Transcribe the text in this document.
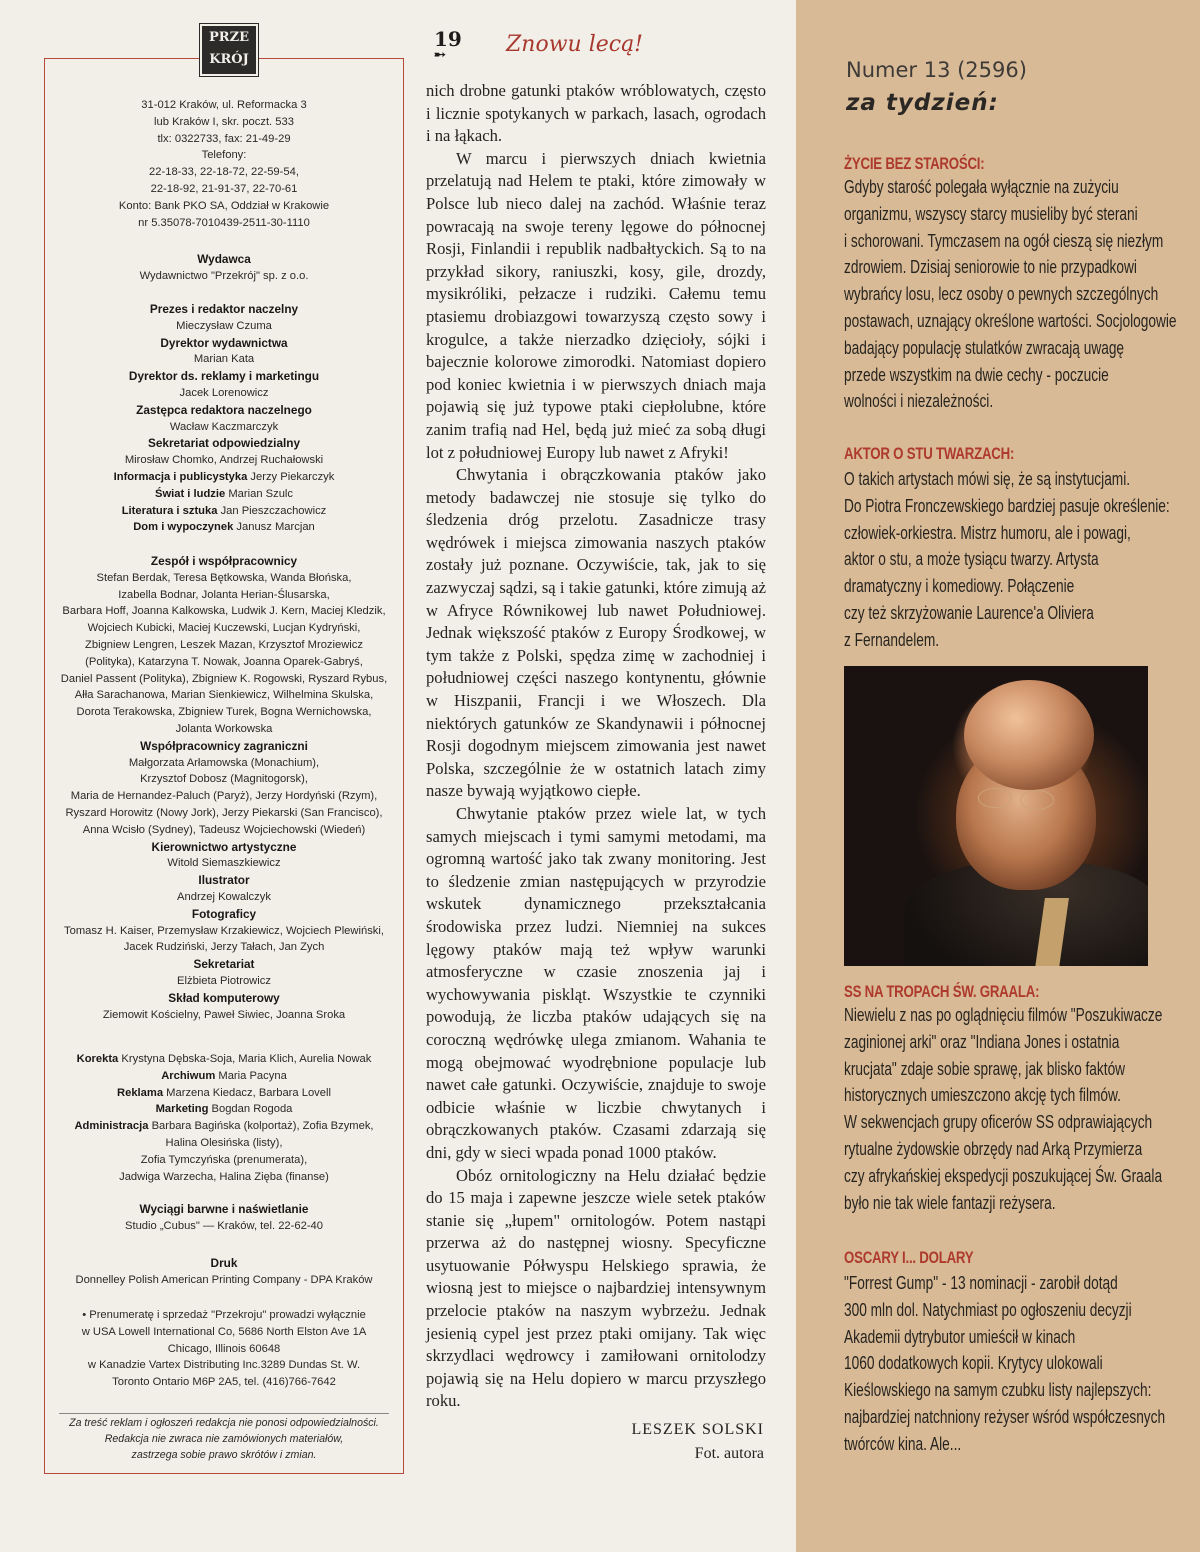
PRZE

KRÓJ
31-012 Kraków, ul. Reformacka 3
lub Kraków I, skr. poczt. 533
tlx: 0322733, fax: 21-49-29
Telefony:
22-18-33, 22-18-72, 22-59-54,
22-18-92, 21-91-37, 22-70-61
Konto: Bank PKO SA, Oddział w Krakowie
nr 5.35078-7010439-2511-30-1110
Wydawca
Wydawnictwo "Przekrój" sp. z o.o.
Prezes i redaktor naczelny
Mieczysław Czuma
Dyrektor wydawnictwa
Marian Kata
Dyrektor ds. reklamy i marketingu
Jacek Lorenowicz
Zastępca redaktora naczelnego
Wacław Kaczmarczyk
Sekretariat odpowiedzialny
Mirosław Chomko, Andrzej Ruchałowski
Informacja i publicystyka Jerzy Piekarczyk
Świat i ludzie Marian Szulc
Literatura i sztuka Jan Pieszczachowicz
Dom i wypoczynek Janusz Marcjan
Zespół i współpracownicy
Stefan Berdak, Teresa Bętkowska, Wanda Błońska,
Izabella Bodnar, Jolanta Herian-Ślusarska,
Barbara Hoff, Joanna Kalkowska, Ludwik J. Kern, Maciej Kledzik,
Wojciech Kubicki, Maciej Kuczewski, Lucjan Kydryński,
Zbigniew Lengren, Leszek Mazan, Krzysztof Mroziewicz
(Polityka), Katarzyna T. Nowak, Joanna Oparek-Gabryś,
Daniel Passent (Polityka), Zbigniew K. Rogowski, Ryszard Rybus,
Ałła Sarachanowa, Marian Sienkiewicz, Wilhelmina Skulska,
Dorota Terakowska, Zbigniew Turek, Bogna Wernichowska,
Jolanta Workowska
Współpracownicy zagraniczni
Małgorzata Arłamowska (Monachium),
Krzysztof Dobosz (Magnitogorsk),
Maria de Hernandez-Paluch (Paryż), Jerzy Hordyński (Rzym),
Ryszard Horowitz (Nowy Jork), Jerzy Piekarski (San Francisco),
Anna Wcisło (Sydney), Tadeusz Wojciechowski (Wiedeń)
Kierownictwo artystyczne
Witold Siemaszkiewicz
Ilustrator
Andrzej Kowalczyk
Fotograficy
Tomasz H. Kaiser, Przemysław Krzakiewicz, Wojciech Plewiński,
Jacek Rudziński, Jerzy Tałach, Jan Zych
Sekretariat
Elżbieta Piotrowicz
Skład komputerowy
Ziemowit Kościelny, Paweł Siwiec, Joanna Sroka
Korekta Krystyna Dębska-Soja, Maria Klich, Aurelia Nowak
Archiwum Maria Pacyna
Reklama Marzena Kiedacz, Barbara Lovell
Marketing Bogdan Rogoda
Administracja Barbara Bagińska (kolportaż), Zofia Bzymek,
Halina Olesińska (listy),
Zofia Tymczyńska (prenumerata),
Jadwiga Warzecha, Halina Zięba (finanse)
Wyciągi barwne i naświetlanie
Studio „Cubus" — Kraków, tel. 22-62-40
Druk
Donnelley Polish American Printing Company - DPA Kraków
• Prenumeratę i sprzedaż "Przekroju" prowadzi wyłącznie
w USA Lowell International Co, 5686 North Elston Ave 1A
Chicago, Illinois 60648
w Kanadzie Vartex Distributing Inc.3289 Dundas St. W.
Toronto Ontario M6P 2A5, tel. (416)766-7642
Za treść reklam i ogłoszeń redakcja nie ponosi odpowiedzialności.
Redakcja nie zwraca nie zamówionych materiałów,
zastrzega sobie prawo skrótów i zmian.
19
➸	Znowu lecą!

nich drobne gatunki ptaków wróblowatych, często i licznie spotykanych w parkach, lasach, ogrodach i na łąkach.

W marcu i pierwszych dniach kwietnia przelatują nad Helem te ptaki, które zimowały w Polsce lub nieco dalej na zachód. Właśnie teraz powracają na swoje tereny lęgowe do północnej Rosji, Finlandii i republik nadbałtyckich. Są to na przykład sikory, raniuszki, kosy, gile, drozdy, mysikróliki, pełzacze i rudziki. Całemu temu ptasiemu drobiazgowi towarzyszą często sowy i krogulce, a także nierzadko dzięcioły, sójki i bajecznie kolorowe zimorodki. Natomiast dopiero pod koniec kwietnia i w pierwszych dniach maja pojawią się już typowe ptaki ciepłolubne, które zanim trafią nad Hel, będą już mieć za sobą długi lot z południowej Europy lub nawet z Afryki!

Chwytania i obrączkowania ptaków jako metody badawczej nie stosuje się tylko do śledzenia dróg przelotu. Zasadnicze trasy wędrówek i miejsca zimowania naszych ptaków zostały już poznane. Oczywiście, tak, jak to się zazwyczaj sądzi, są i takie gatunki, które zimują aż w Afryce Równikowej lub nawet Południowej. Jednak większość ptaków z Europy Środkowej, w tym także z Polski, spędza zimę w zachodniej i południowej części naszego kontynentu, głównie w Hiszpanii, Francji i we Włoszech. Dla niektórych gatunków ze Skandynawii i północnej Rosji dogodnym miejscem zimowania jest nawet Polska, szczególnie że w ostatnich latach zimy nasze bywają wyjątkowo ciepłe.

Chwytanie ptaków przez wiele lat, w tych samych miejscach i tymi samymi metodami, ma ogromną wartość jako tak zwany monitoring. Jest to śledzenie zmian następujących w przyrodzie wskutek dynamicznego przekształcania środowiska przez ludzi. Niemniej na sukces lęgowy ptaków mają też wpływ warunki atmosferyczne w czasie znoszenia jaj i wychowywania piskląt. Wszystkie te czynniki powodują, że liczba ptaków udających się na coroczną wędrówkę ulega zmianom. Wahania te mogą obejmować wyodrębnione populacje lub nawet całe gatunki. Oczywiście, znajduje to swoje odbicie właśnie w liczbie chwytanych i obrączkowanych ptaków. Czasami zdarzają się dni, gdy w sieci wpada ponad 1000 ptaków.

Obóz ornitologiczny na Helu działać będzie do 15 maja i zapewne jeszcze wiele setek ptaków stanie się „łupem" ornitologów. Potem nastąpi przerwa aż do następnej wiosny. Specyficzne usytuowanie Półwyspu Helskiego sprawia, że wiosną jest to miejsce o najbardziej intensywnym przelocie ptaków na naszym wybrzeżu. Jednak jesienią cypel jest przez ptaki omijany. Tak więc skrzydlaci wędrowcy i zamiłowani ornitolodzy pojawią się na Helu dopiero w marcu przyszłego roku.

LESZEK SOLSKI
Fot. autora
Numer 13 (2596)
za tydzień:
ŻYCIE BEZ STAROŚCI:
Gdyby starość polegała wyłącznie na zużyciu
organizmu, wszyscy starcy musieliby być sterani
i schorowani. Tymczasem na ogół cieszą się niezłym
zdrowiem. Dzisiaj seniorowie to nie przypadkowi
wybrańcy losu, lecz osoby o pewnych szczególnych
postawach, uznający określone wartości. Socjologowie
badający populację stulatków zwracają uwagę
przede wszystkim na dwie cechy - poczucie
wolności i niezależności.
AKTOR O STU TWARZACH:
O takich artystach mówi się, że są instytucjami.
Do Piotra Fronczewskiego bardziej pasuje określenie:
człowiek-orkiestra. Mistrz humoru, ale i powagi,
aktor o stu, a może tysiącu twarzy. Artysta
dramatyczny i komediowy. Połączenie
czy też skrzyżowanie Laurence'a Oliviera
z Fernandelem.
SS NA TROPACH ŚW. GRAALA:
Niewielu z nas po oglądnięciu filmów "Poszukiwacze
zaginionej arki" oraz "Indiana Jones i ostatnia
krucjata" zdaje sobie sprawę, jak blisko faktów
historycznych umieszczono akcję tych filmów.
W sekwencjach grupy oficerów SS odprawiających
rytualne żydowskie obrzędy nad Arką Przymierza
czy afrykańskiej ekspedycji poszukującej Św. Graala
było nie tak wiele fantazji reżysera.
OSCARY I... DOLARY
"Forrest Gump" - 13 nominacji - zarobił dotąd
300 mln dol. Natychmiast po ogłoszeniu decyzji
Akademii dytrybutor umieścił w kinach
1060 dodatkowych kopii. Krytycy ulokowali
Kieślowskiego na samym czubku listy najlepszych:
najbardziej natchniony reżyser wśród współczesnych
twórców kina. Ale...
